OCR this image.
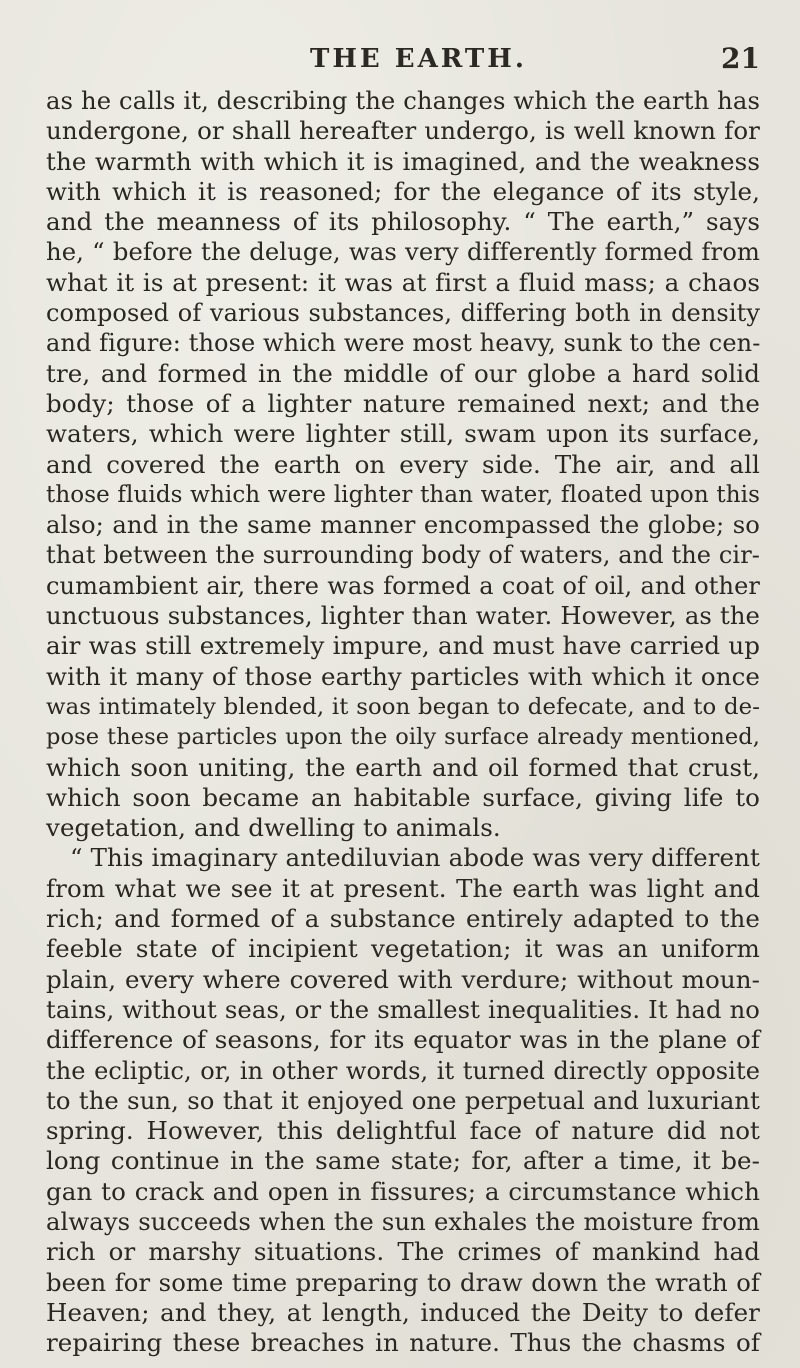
THE EARTH.	21
as he calls it, describing the changes which the earth has
undergone, or shall hereafter undergo, is well known for
the warmth with which it is imagined, and the weakness
with which it is reasoned; for the elegance of its style,
and the meanness of its philosophy. “ The earth,” says
he, “ before the deluge, was very differently formed from
what it is at present: it was at first a fluid mass; a chaos
composed of various substances, differing both in density
and figure: those which were most heavy, sunk to the cen-
tre, and formed in the middle of our globe a hard solid
body; those of a lighter nature remained next; and the
waters, which were lighter still, swam upon its surface,
and covered the earth on every side. The air, and all
those fluids which were lighter than water, floated upon this
also; and in the same manner encompassed the globe; so
that between the surrounding body of waters, and the cir-
cumambient air, there was formed a coat of oil, and other
unctuous substances, lighter than water. However, as the
air was still extremely impure, and must have carried up
with it many of those earthy particles with which it once
was intimately blended, it soon began to defecate, and to de-
pose these particles upon the oily surface already mentioned,
which soon uniting, the earth and oil formed that crust,
which soon became an habitable surface, giving life to
vegetation, and dwelling to animals.
“ This imaginary antediluvian abode was very different
from what we see it at present. The earth was light and
rich; and formed of a substance entirely adapted to the
feeble state of incipient vegetation; it was an uniform
plain, every where covered with verdure; without moun-
tains, without seas, or the smallest inequalities. It had no
difference of seasons, for its equator was in the plane of
the ecliptic, or, in other words, it turned directly opposite
to the sun, so that it enjoyed one perpetual and luxuriant
spring. However, this delightful face of nature did not
long continue in the same state; for, after a time, it be-
gan to crack and open in fissures; a circumstance which
always succeeds when the sun exhales the moisture from
rich or marshy situations. The crimes of mankind had
been for some time preparing to draw down the wrath of
Heaven; and they, at length, induced the Deity to defer
repairing these breaches in nature. Thus the chasms of
